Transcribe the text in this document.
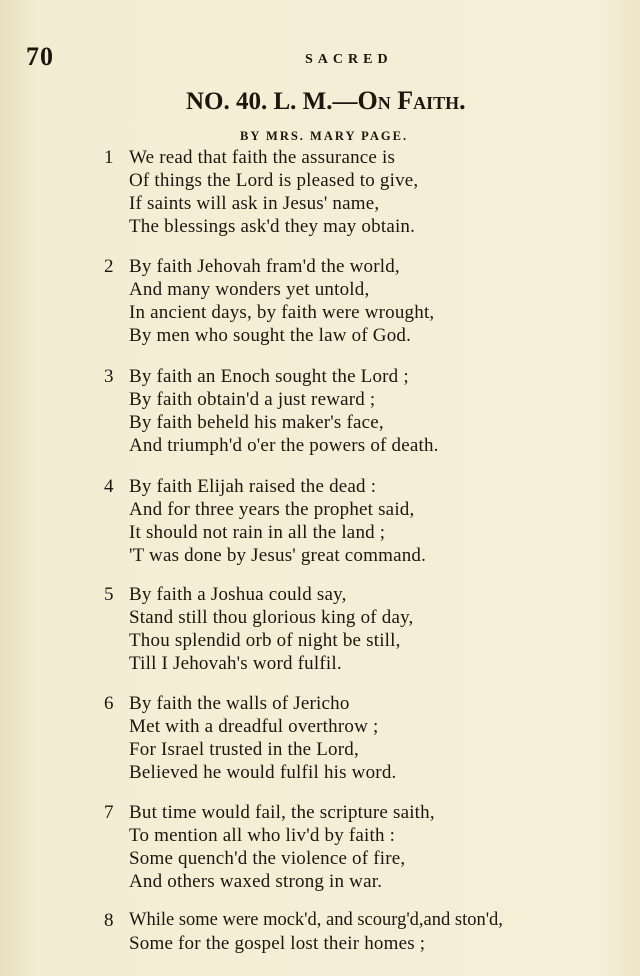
70	SACRED
NO. 40. L. M.—On Faith.
BY MRS. MARY PAGE.
1 We read that faith the assurance is
Of things the Lord is pleased to give,
If saints will ask in Jesus' name,
The blessings ask'd they may obtain.
2 By faith Jehovah fram'd the world,
And many wonders yet untold,
In ancient days, by faith were wrought,
By men who sought the law of God.
3 By faith an Enoch sought the Lord ;
By faith obtain'd a just reward ;
By faith beheld his maker's face,
And triumph'd o'er the powers of death.
4 By faith Elijah raised the dead :
And for three years the prophet said,
It should not rain in all the land ;
'T was done by Jesus' great command.
5 By faith a Joshua could say,
Stand still thou glorious king of day,
Thou splendid orb of night be still,
Till I Jehovah's word fulfil.
6 By faith the walls of Jericho
Met with a dreadful overthrow ;
For Israel trusted in the Lord,
Believed he would fulfil his word.
7 But time would fail, the scripture saith,
To mention all who liv'd by faith :
Some quench'd the violence of fire,
And others waxed strong in war.
8 While some were mock'd, and scourg'd,and ston'd,
Some for the gospel lost their homes ;
